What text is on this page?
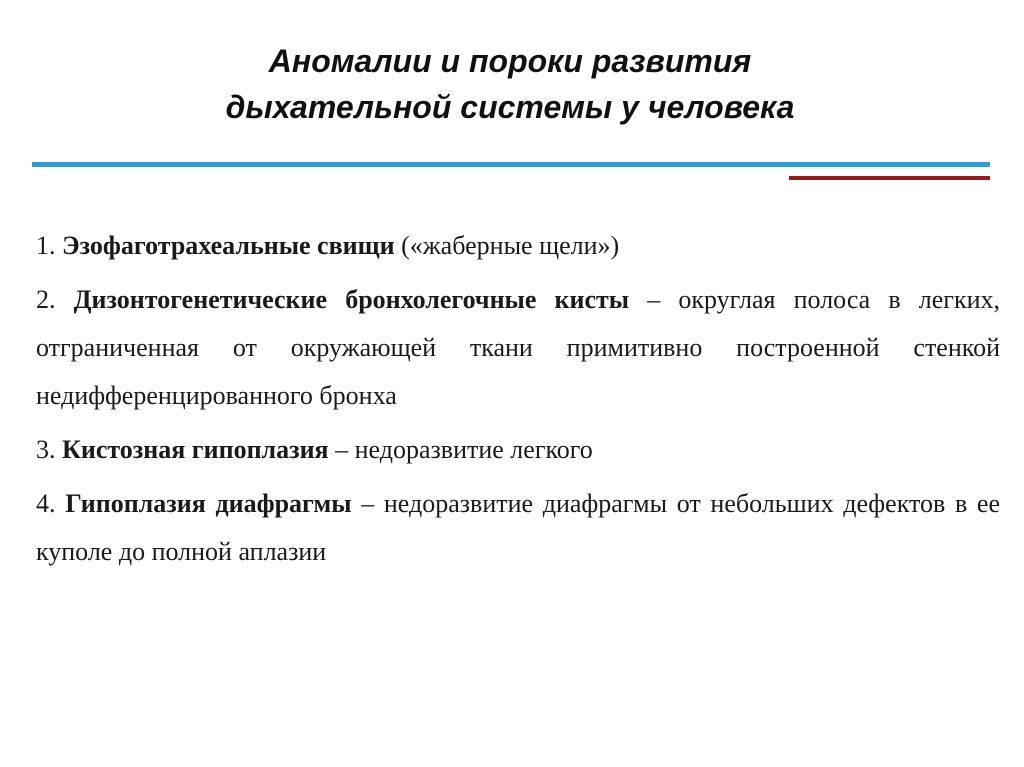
Аномалии и пороки развития
дыхательной системы у человека

1. Эзофаготрахеальные свищи («жаберные щели»)

2. Дизонтогенетические бронхолегочные кисты – округлая полоса в легких, отграниченная от окружающей ткани примитивно построенной стенкой недифференцированного бронха

3. Кистозная гипоплазия – недоразвитие легкого

4. Гипоплазия диафрагмы – недоразвитие диафрагмы от небольших дефектов в ее куполе до полной аплазии
